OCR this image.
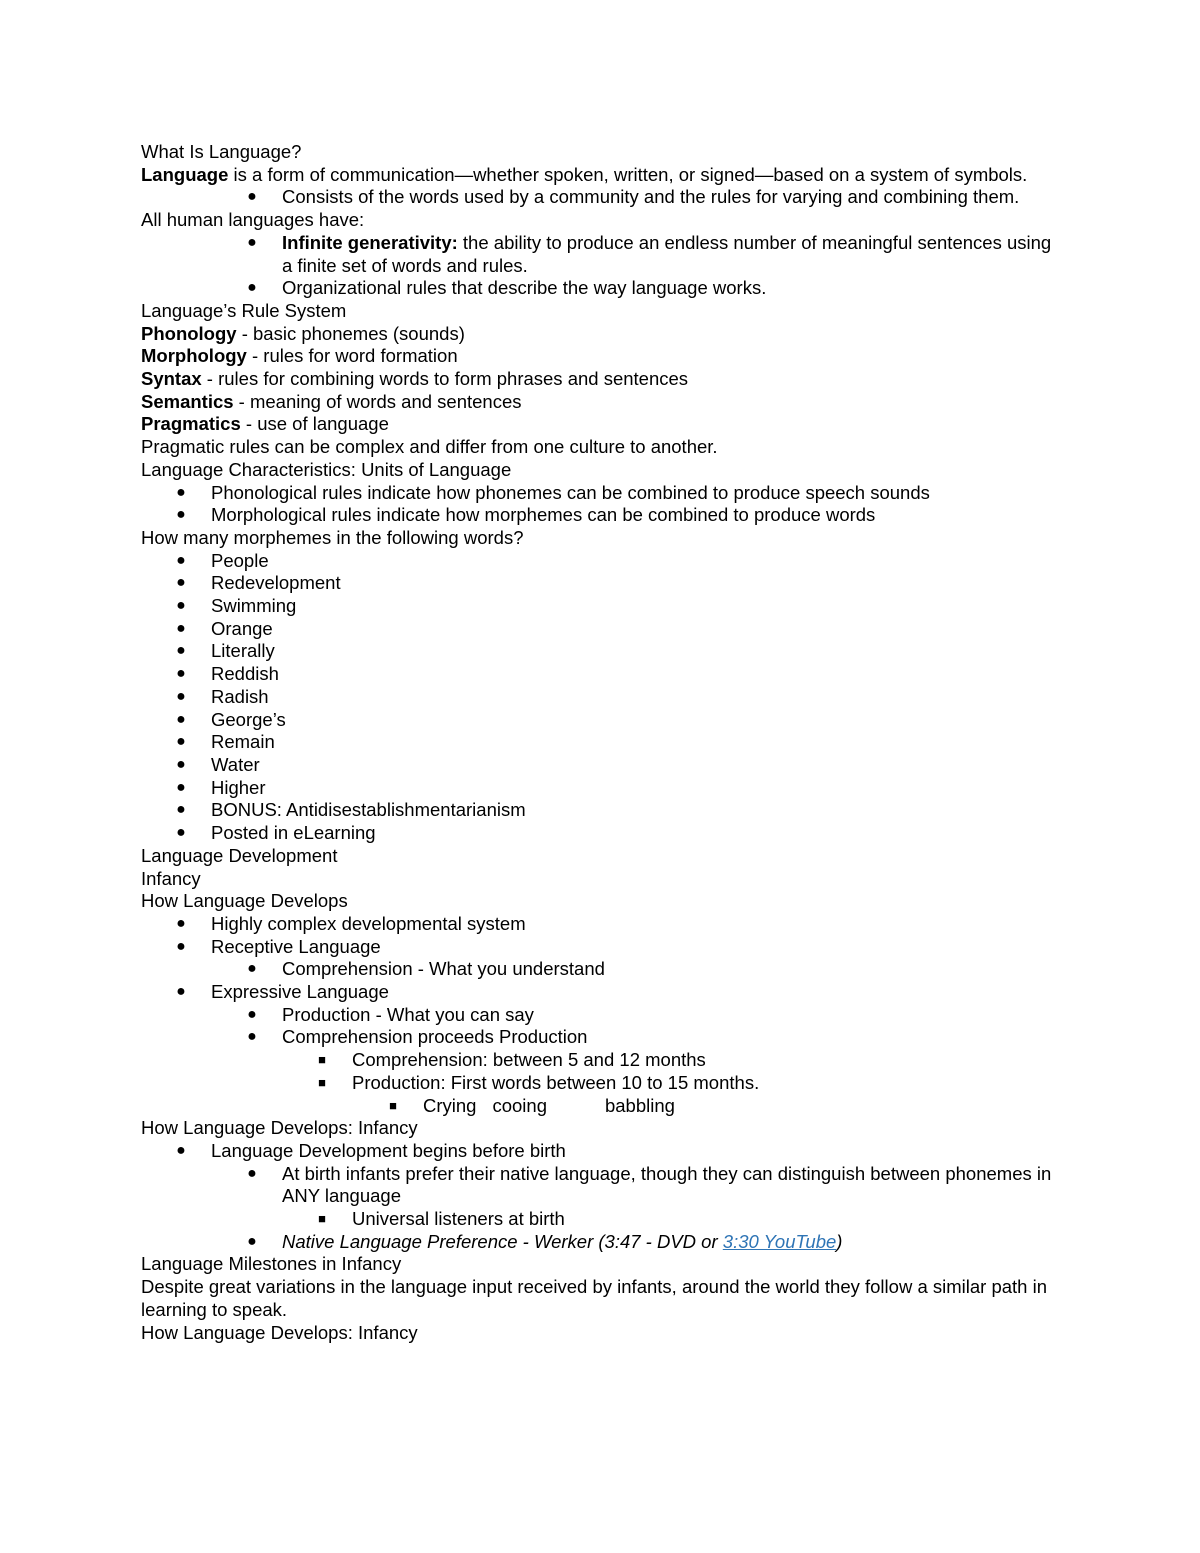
What Is Language?
Language is a form of communication—whether spoken, written, or signed—based on a system of symbols.
● Consists of the words used by a community and the rules for varying and combining them.
All human languages have:
● Infinite generativity: the ability to produce an endless number of meaningful sentences using a finite set of words and rules.
● Organizational rules that describe the way language works.
Language’s Rule System
Phonology - basic phonemes (sounds)
Morphology - rules for word formation
Syntax - rules for combining words to form phrases and sentences
Semantics - meaning of words and sentences
Pragmatics - use of language
Pragmatic rules can be complex and differ from one culture to another.
Language Characteristics: Units of Language
● Phonological rules indicate how phonemes can be combined to produce speech sounds
● Morphological rules indicate how morphemes can be combined to produce words
How many morphemes in the following words?
● People
● Redevelopment
● Swimming
● Orange
● Literally
● Reddish
● Radish
● George’s
● Remain
● Water
● Higher
● BONUS: Antidisestablishmentarianism
● Posted in eLearning
Language Development
Infancy
How Language Develops
● Highly complex developmental system
● Receptive Language
● Comprehension - What you understand
● Expressive Language
● Production - What you can say
● Comprehension proceeds Production
■ Comprehension: between 5 and 12 months
■ Production: First words between 10 to 15 months.
■ Crying cooing	babbling
How Language Develops: Infancy
● Language Development begins before birth
● At birth infants prefer their native language, though they can distinguish between phonemes in ANY language
■ Universal listeners at birth
● Native Language Preference - Werker (3:47 - DVD or 3:30 YouTube)
Language Milestones in Infancy
Despite great variations in the language input received by infants, around the world they follow a similar path in learning to speak.
How Language Develops: Infancy
